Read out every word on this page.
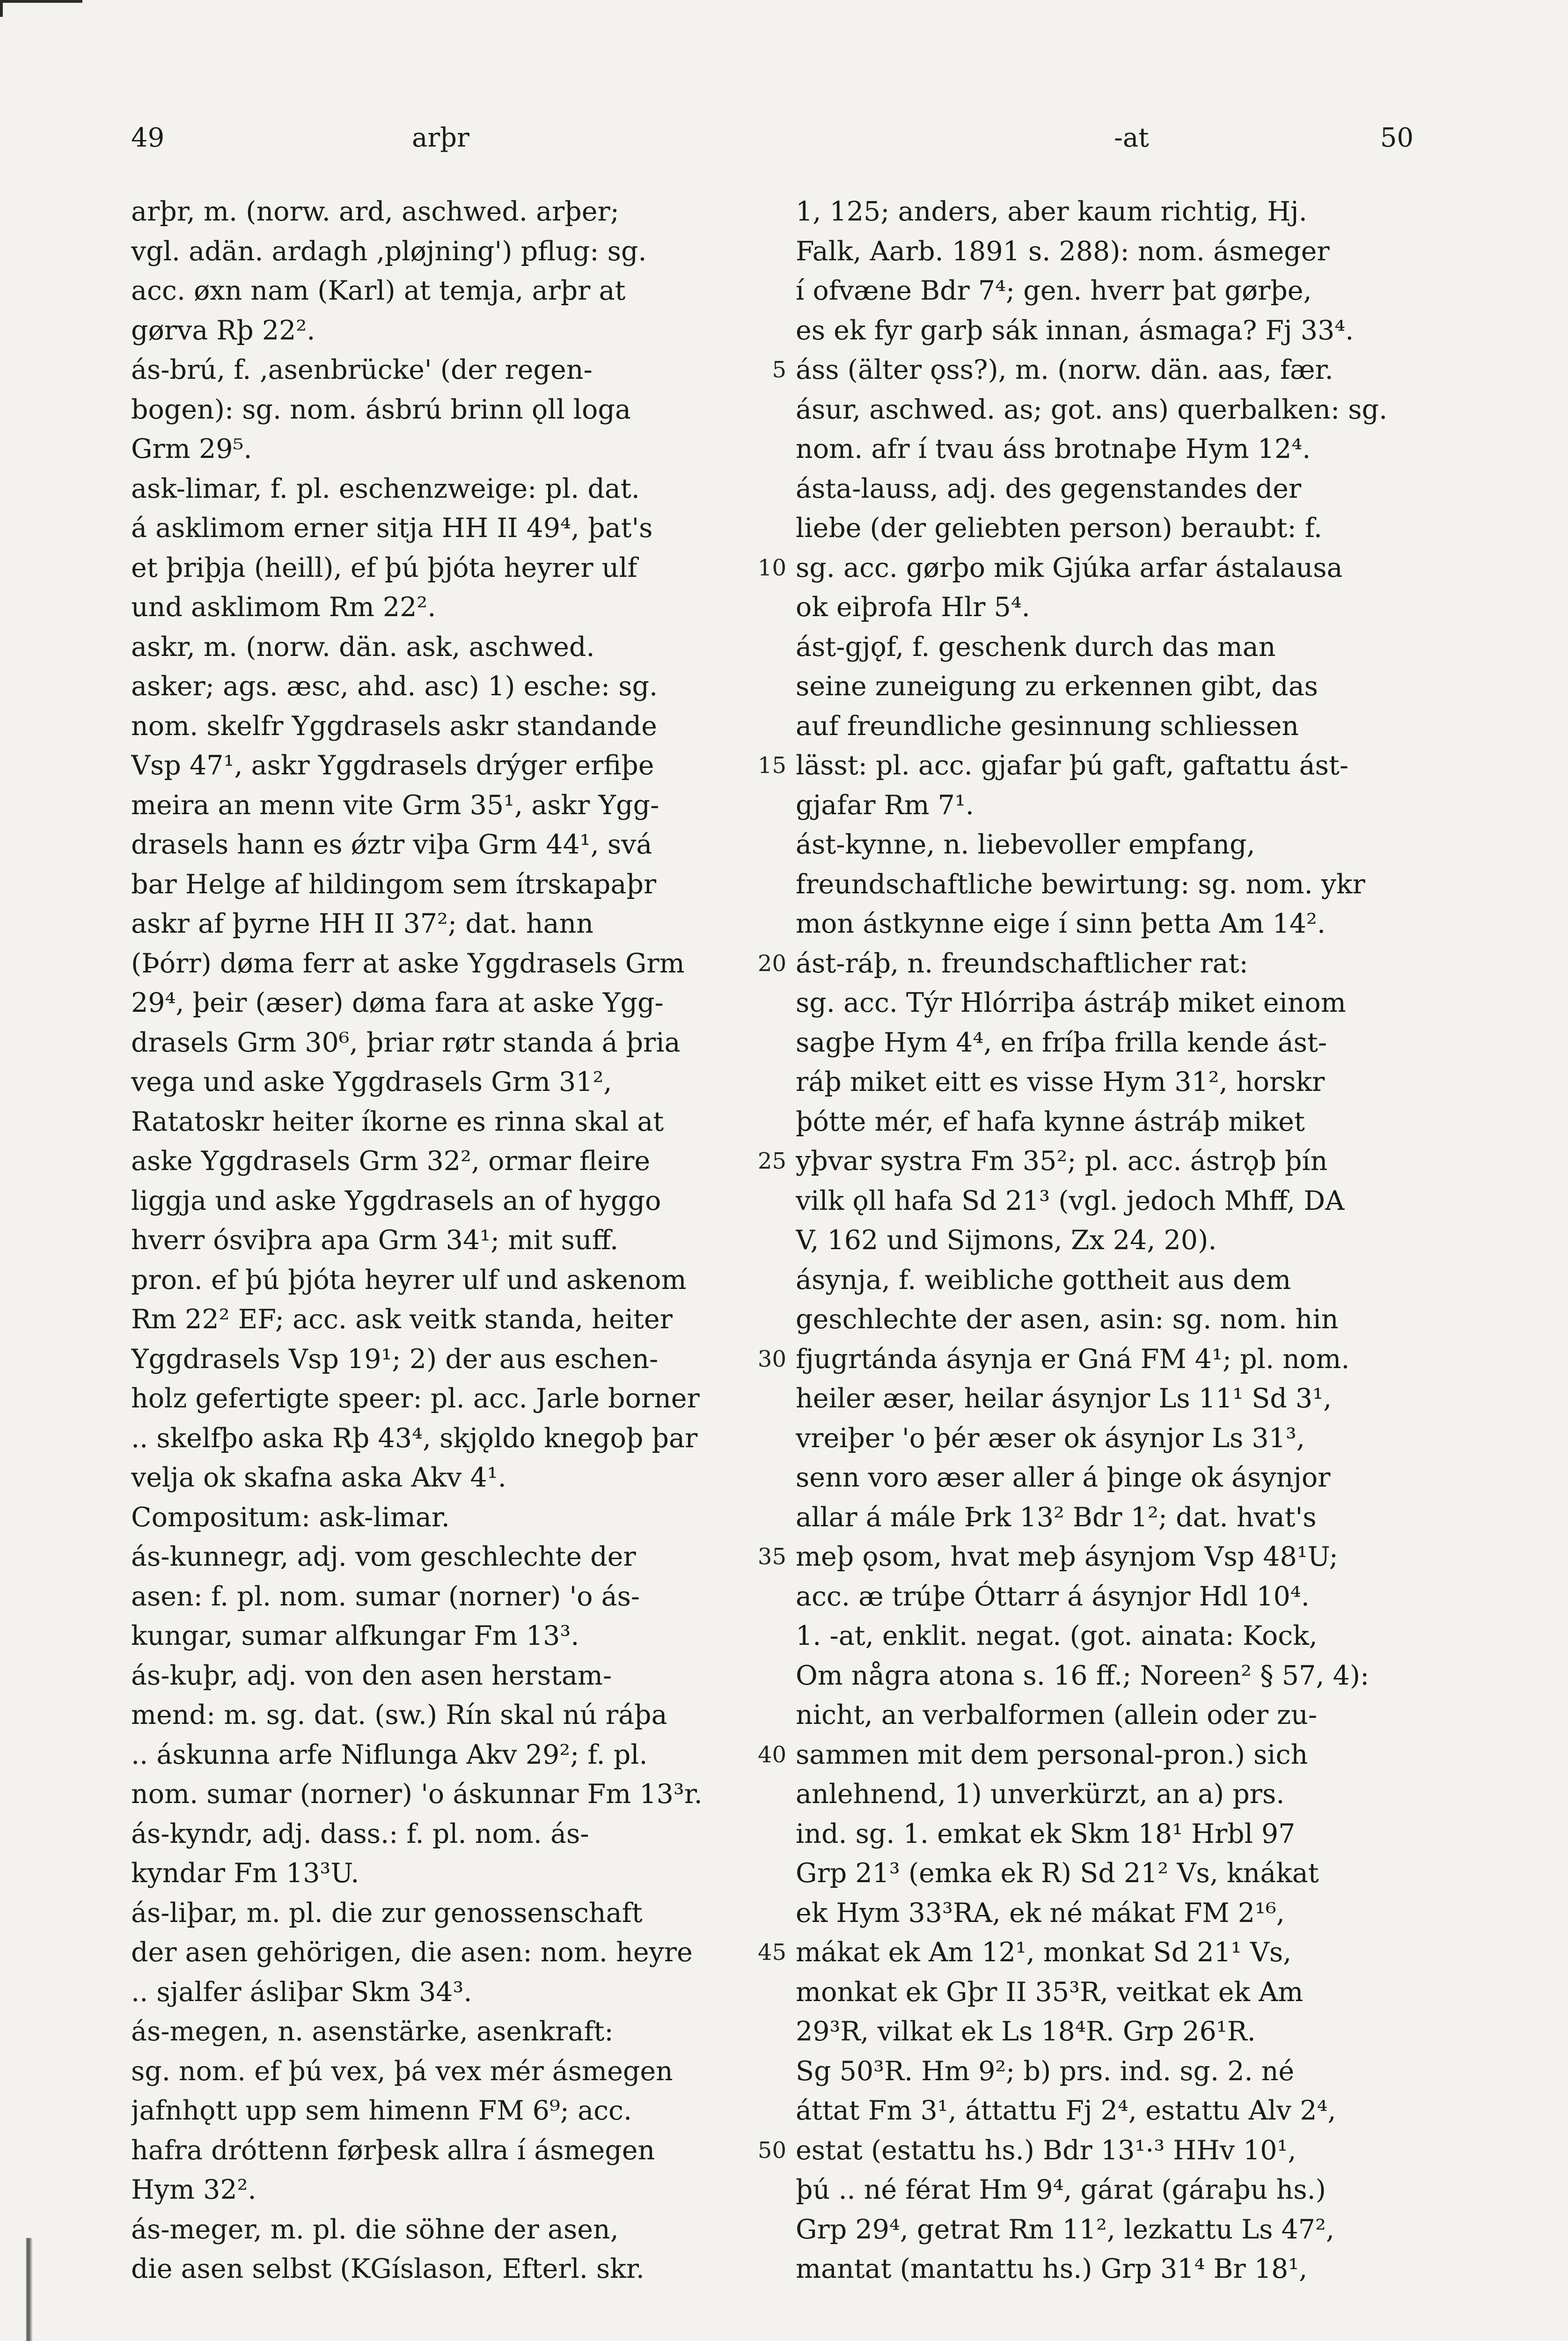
49	arþr	-at	50
arþr, m. (norw. ard, aschwed. arþer;
vgl. adän. ardagh ‚pløjning') pflug: sg.
acc. øxn nam (Karl) at temja, arþr at
gørva Rþ 22².
ás-brú, f. ‚asenbrücke' (der regen-
bogen): sg. nom. ásbrú brinn ǫll loga
Grm 29⁵.
ask-limar, f. pl. eschenzweige: pl. dat.
á asklimom erner sitja HH II 49⁴, þat's
et þriþja (heill), ef þú þjóta heyrer ulf
und asklimom Rm 22².
askr, m. (norw. dän. ask, aschwed.
asker; ags. æsc, ahd. asc) 1) esche: sg.
nom. skelfr Yggdrasels askr standande
Vsp 47¹, askr Yggdrasels drýger erfiþe
meira an menn vite Grm 35¹, askr Ygg-
drasels hann es ǿztr viþa Grm 44¹, svá
bar Helge af hildingom sem ítrskapaþr
askr af þyrne HH II 37²; dat. hann
(Þórr) døma ferr at aske Yggdrasels Grm
29⁴, þeir (æser) døma fara at aske Ygg-
drasels Grm 30⁶, þriar røtr standa á þria
vega und aske Yggdrasels Grm 31²,
Ratatoskr heiter íkorne es rinna skal at
aske Yggdrasels Grm 32², ormar fleire
liggja und aske Yggdrasels an of hyggo
hverr ósviþra apa Grm 34¹; mit suff.
pron. ef þú þjóta heyrer ulf und askenom
Rm 22² EF; acc. ask veitk standa, heiter
Yggdrasels Vsp 19¹; 2) der aus eschen-
holz gefertigte speer: pl. acc. Jarle borner
.. skelfþo aska Rþ 43⁴, skjǫldo knegoþ þar
velja ok skafna aska Akv 4¹.
Compositum: ask-limar.
ás-kunnegr, adj. vom geschlechte der
asen: f. pl. nom. sumar (norner) 'o ás-
kungar, sumar alfkungar Fm 13³.
ás-kuþr, adj. von den asen herstam-
mend: m. sg. dat. (sw.) Rín skal nú ráþa
.. áskunna arfe Niflunga Akv 29²; f. pl.
nom. sumar (norner) 'o áskunnar Fm 13³r.
ás-kyndr, adj. dass.: f. pl. nom. ás-
kyndar Fm 13³U.
ás-liþar, m. pl. die zur genossenschaft
der asen gehörigen, die asen: nom. heyre
.. sjalfer ásliþar Skm 34³.
ás-megen, n. asenstärke, asenkraft:
sg. nom. ef þú vex, þá vex mér ásmegen
jafnhǫtt upp sem himenn FM 6⁹; acc.
hafra dróttenn førþesk allra í ásmegen
Hym 32².
ás-meger, m. pl. die söhne der asen,
die asen selbst (KGíslason, Efterl. skr.
5
10
15
20
25
30
35
40
45
50
1, 125; anders, aber kaum richtig, Hj.
Falk, Aarb. 1891 s. 288): nom. ásmeger
í ofvæne Bdr 7⁴; gen. hverr þat gørþe,
es ek fyr garþ sák innan, ásmaga? Fj 33⁴.
áss (älter ǫss?), m. (norw. dän. aas, fær.
ásur, aschwed. as; got. ans) querbalken: sg.
nom. afr í tvau áss brotnaþe Hym 12⁴.
ásta-lauss, adj. des gegenstandes der
liebe (der geliebten person) beraubt: f.
sg. acc. gørþo mik Gjúka arfar ástalausa
ok eiþrofa Hlr 5⁴.
ást-gjǫf, f. geschenk durch das man
seine zuneigung zu erkennen gibt, das
auf freundliche gesinnung schliessen
lässt: pl. acc. gjafar þú gaft, gaftattu ást-
gjafar Rm 7¹.
ást-kynne, n. liebevoller empfang,
freundschaftliche bewirtung: sg. nom. ykr
mon ástkynne eige í sinn þetta Am 14².
ást-ráþ, n. freundschaftlicher rat:
sg. acc. Týr Hlórriþa ástráþ miket einom
sagþe Hym 4⁴, en fríþa frilla kende ást-
ráþ miket eitt es visse Hym 31², horskr
þótte mér, ef hafa kynne ástráþ miket
yþvar systra Fm 35²; pl. acc. ástrǫþ þín
vilk ǫll hafa Sd 21³ (vgl. jedoch Mhff, DA
V, 162 und Sijmons, Zx 24, 20).
ásynja, f. weibliche gottheit aus dem
geschlechte der asen, asin: sg. nom. hin
fjugrtánda ásynja er Gná FM 4¹; pl. nom.
heiler æser, heilar ásynjor Ls 11¹ Sd 3¹,
vreiþer 'o þér æser ok ásynjor Ls 31³,
senn voro æser aller á þinge ok ásynjor
allar á mále Þrk 13² Bdr 1²; dat. hvat's
meþ ǫsom, hvat meþ ásynjom Vsp 48¹U;
acc. æ trúþe Óttarr á ásynjor Hdl 10⁴.
1. -at, enklit. negat. (got. ainata: Kock,
Om några atona s. 16 ff.; Noreen² § 57, 4):
nicht, an verbalformen (allein oder zu-
sammen mit dem personal-pron.) sich
anlehnend, 1) unverkürzt, an a) prs.
ind. sg. 1. emkat ek Skm 18¹ Hrbl 97
Grp 21³ (emka ek R) Sd 21² Vs, knákat
ek Hym 33³RA, ek né mákat FM 2¹⁶,
mákat ek Am 12¹, monkat Sd 21¹ Vs,
monkat ek Gþr II 35³R, veitkat ek Am
29³R, vilkat ek Ls 18⁴R. Grp 26¹R.
Sg 50³R. Hm 9²; b) prs. ind. sg. 2. né
áttat Fm 3¹, áttattu Fj 2⁴, estattu Alv 2⁴,
estat (estattu hs.) Bdr 13¹·³ HHv 10¹,
þú .. né férat Hm 9⁴, gárat (gáraþu hs.)
Grp 29⁴, getrat Rm 11², lezkattu Ls 47²,
mantat (mantattu hs.) Grp 31⁴ Br 18¹,
